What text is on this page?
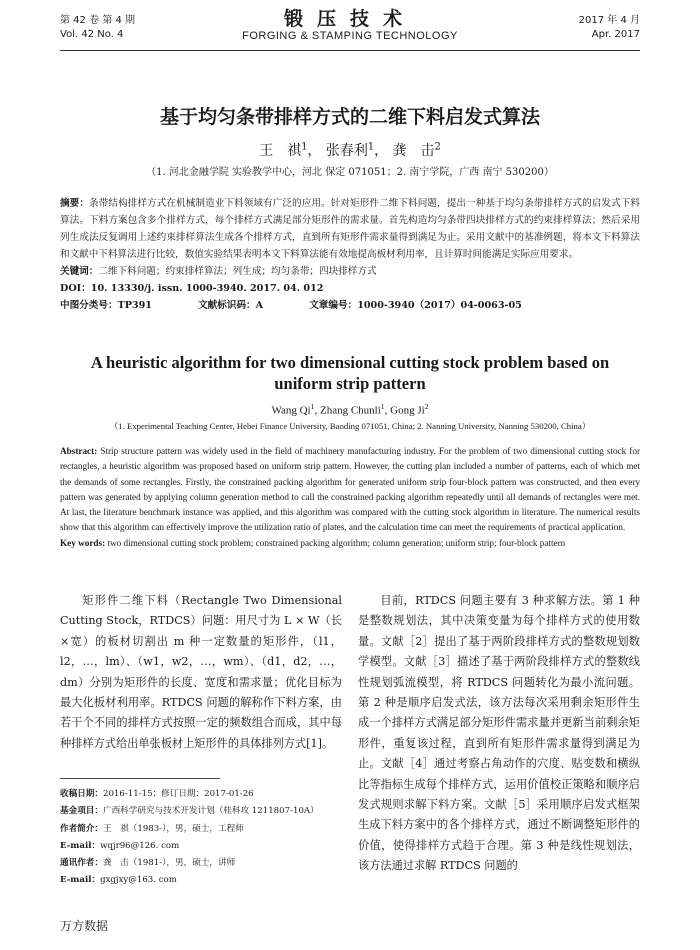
第 42 卷 第 4 期
Vol. 42 No. 4
锻压技术
FORGING & STAMPING TECHNOLOGY
2017 年 4 月
Apr. 2017
基于均匀条带排样方式的二维下料启发式算法
王　祺$^1$， 张春利$^1$， 龚　击$^2$
（1. 河北金融学院 实验教学中心，河北 保定 071051；2. 南宁学院，广西 南宁 530200）
摘要：条带结构排样方式在机械制造业下料领域有广泛的应用。针对矩形件二维下料问题，提出一种基于均匀条带排样方式的启发式下料算法。下料方案包含多个排样方式，每个排样方式满足部分矩形件的需求量。首先构造均匀条带四块排样方式的约束排样算法；然后采用列生成法反复调用上述约束排样算法生成各个排样方式，直到所有矩形件需求量得到满足为止。采用文献中的基准例题，将本文下料算法和文献中下料算法进行比较，数值实验结果表明本文下料算法能有效地提高板材利用率，且计算时间能满足实际应用要求。
关键词：二维下料问题；约束排样算法；列生成；均匀条带；四块排样方式
DOI：10. 13330/j. issn. 1000-3940. 2017. 04. 012
中图分类号：TP391	文献标识码：A	文章编号：1000-3940（2017）04-0063-05
A heuristic algorithm for two dimensional cutting stock problem based on uniform strip pattern
Wang Qi$^1$, Zhang Chunli$^1$, Gong Ji$^2$
（1. Experimental Teaching Center, Hebei Finance University, Baoding 071051, China; 2. Nanning University, Nanning 530200, China）
Abstract: Strip structure pattern was widely used in the field of machinery manufacturing industry. For the problem of two dimensional cutting stock for rectangles, a heuristic algorithm was proposed based on uniform strip pattern. However, the cutting plan included a number of patterns, each of which met the demands of some rectangles. Firstly, the constrained packing algorithm for generated uniform strip four-block pattern was constructed, and then every pattern was generated by applying column generation method to call the constrained packing algorithm repeatedly until all demands of rectangles were met. At last, the literature benchmark instance was applied, and this algorithm was compared with the cutting stock algorithm in literature. The numerical results show that this algorithm can effectively improve the utilization ratio of plates, and the calculation time can meet the requirements of practical application.
Key words: two dimensional cutting stock problem; constrained packing algorithm; column generation; uniform strip; four-block pattern

矩形件二维下料（Rectangle Two Dimensional Cutting Stock，RTDCS）问题：用尺寸为 L × W（长×宽）的板材切割出 m 种一定数量的矩形件，（l1，l2，…，lm）、（w1，w2，…，wm）、（d1，d2，…，dm）分别为矩形件的长度、宽度和需求量；优化目标为最大化板材利用率。RTDCS 问题的解称作下料方案，由若干个不同的排样方式按照一定的频数组合而成，其中每种排样方式给出单张板材上矩形件的具体排列方式[1]。

目前，RTDCS 问题主要有 3 种求解方法。第 1 种是整数规划法，其中决策变量为每个排样方式的使用数量。文献［2］提出了基于两阶段排样方式的整数规划数学模型。文献［3］描述了基于两阶段排样方式的整数线性规划弧流模型，将 RTDCS 问题转化为最小流问题。第 2 种是顺序启发式法，该方法每次采用剩余矩形件生成一个排样方式满足部分矩形件需求量并更新当前剩余矩形件，重复该过程，直到所有矩形件需求量得到满足为止。文献［4］通过考察占角动作的穴度、贴变数和横纵比等指标生成每个排样方式，运用价值校正策略和顺序启发式规则求解下料方案。文献［5］采用顺序启发式框架生成下料方案中的各个排样方式，通过不断调整矩形件的价值，使得排样方式趋于合理。第 3 种是线性规划法，该方法通过求解 RTDCS 问题的

收稿日期：2016-11-15；修订日期：2017-01-26
基金项目：广西科学研究与技术开发计划（桂科攻 1211807-10A）
作者简介：王　祺（1983-），男，硕士，工程师
E-mail：wqjr96@126. com
通讯作者：龚　击（1981-），男，硕士，讲师
E-mail：gxgjxy@163. com
万方数据
